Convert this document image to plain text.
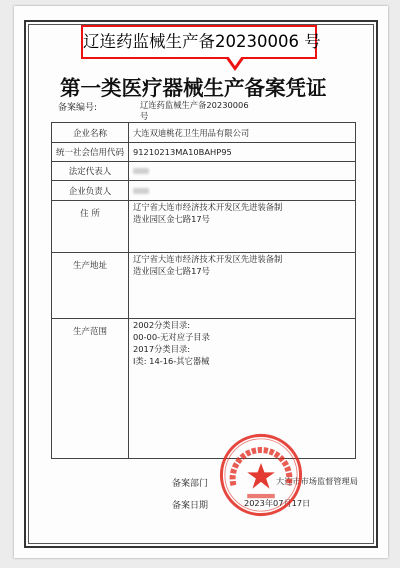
辽连药监械生产备20230006 号
第一类医疗器械生产备案凭证
备案编号:	辽连药监械生产备20230006号
企业名称	大连双迪桃花卫生用品有限公司
统一社会信用代码	91210213MA10BAHP95
法定代表人	
企业负责人	
住 所	辽宁省大连市经济技术开发区先进装备制
造业园区金七路17号

生产地址	辽宁省大连市经济技术开发区先进装备制
造业园区金七路17号

生产范围	2002分类目录:
00-00-无对应子目录
2017分类目录:
Ⅰ类: 14-16-其它器械
备案部门	大连市市场监督管理局
备案日期	2023年07月17日
